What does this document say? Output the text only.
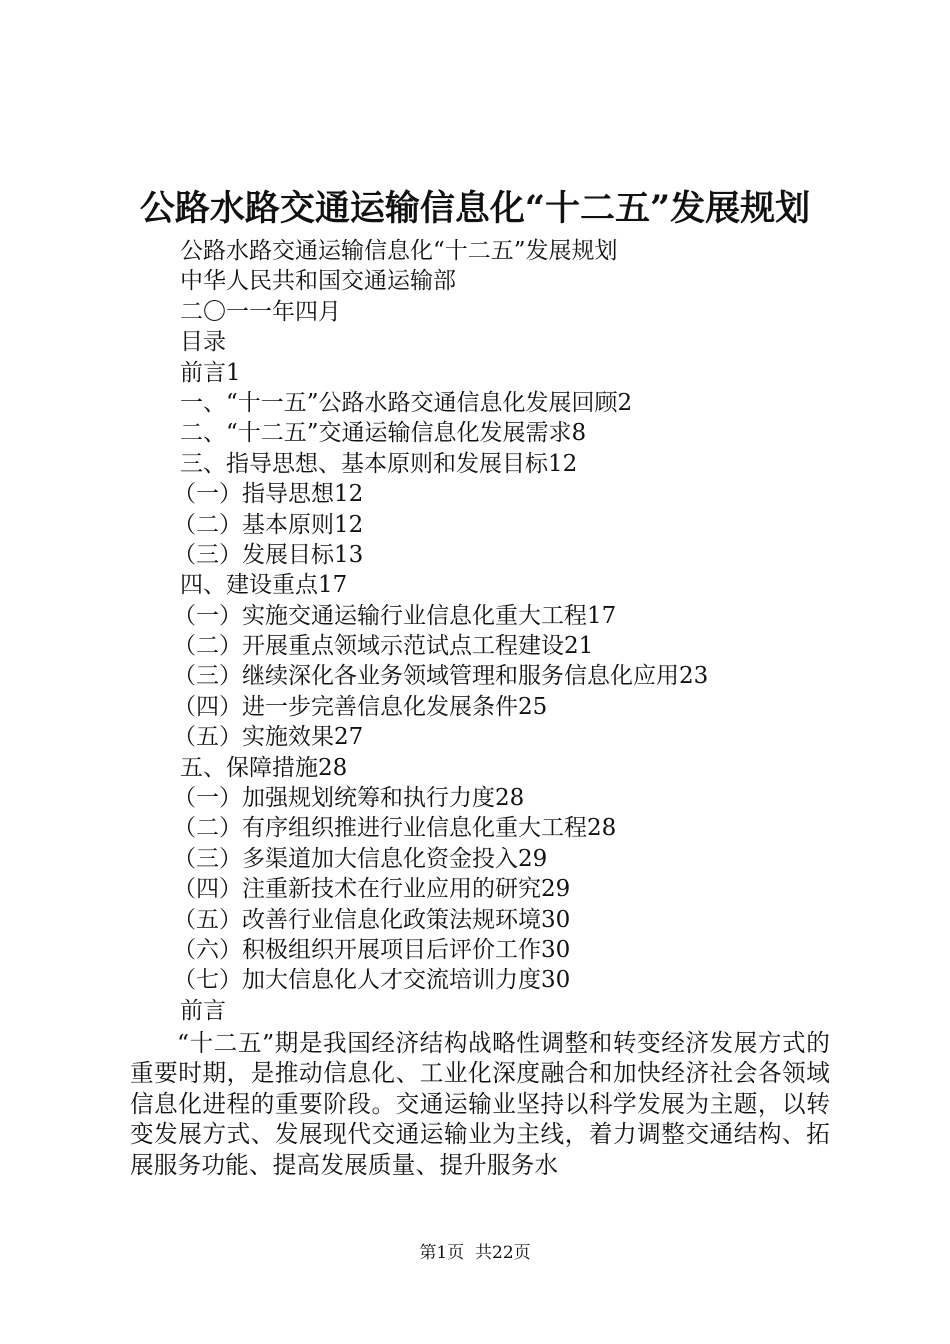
公路水路交通运输信息化“十二五”发展规划
公路水路交通运输信息化“十二五”发展规划
中华人民共和国交通运输部
二〇一一年四月
目录
前言1
一、“十一五”公路水路交通信息化发展回顾2
二、“十二五”交通运输信息化发展需求8
三、指导思想、基本原则和发展目标12
（一）指导思想12
（二）基本原则12
（三）发展目标13
四、建设重点17
（一）实施交通运输行业信息化重大工程17
（二）开展重点领域示范试点工程建设21
（三）继续深化各业务领域管理和服务信息化应用23
（四）进一步完善信息化发展条件25
（五）实施效果27
五、保障措施28
（一）加强规划统筹和执行力度28
（二）有序组织推进行业信息化重大工程28
（三）多渠道加大信息化资金投入29
（四）注重新技术在行业应用的研究29
（五）改善行业信息化政策法规环境30
（六）积极组织开展项目后评价工作30
（七）加大信息化人才交流培训力度30
前言
“十二五”期是我国经济结构战略性调整和转变经济发展方式的重要时期，是推动信息化、工业化深度融合和加快经济社会各领域信息化进程的重要阶段。交通运输业坚持以科学发展为主题，以转变发展方式、发展现代交通运输业为主线，着力调整交通结构、拓展服务功能、提高发展质量、提升服务水
第1页 共22页
